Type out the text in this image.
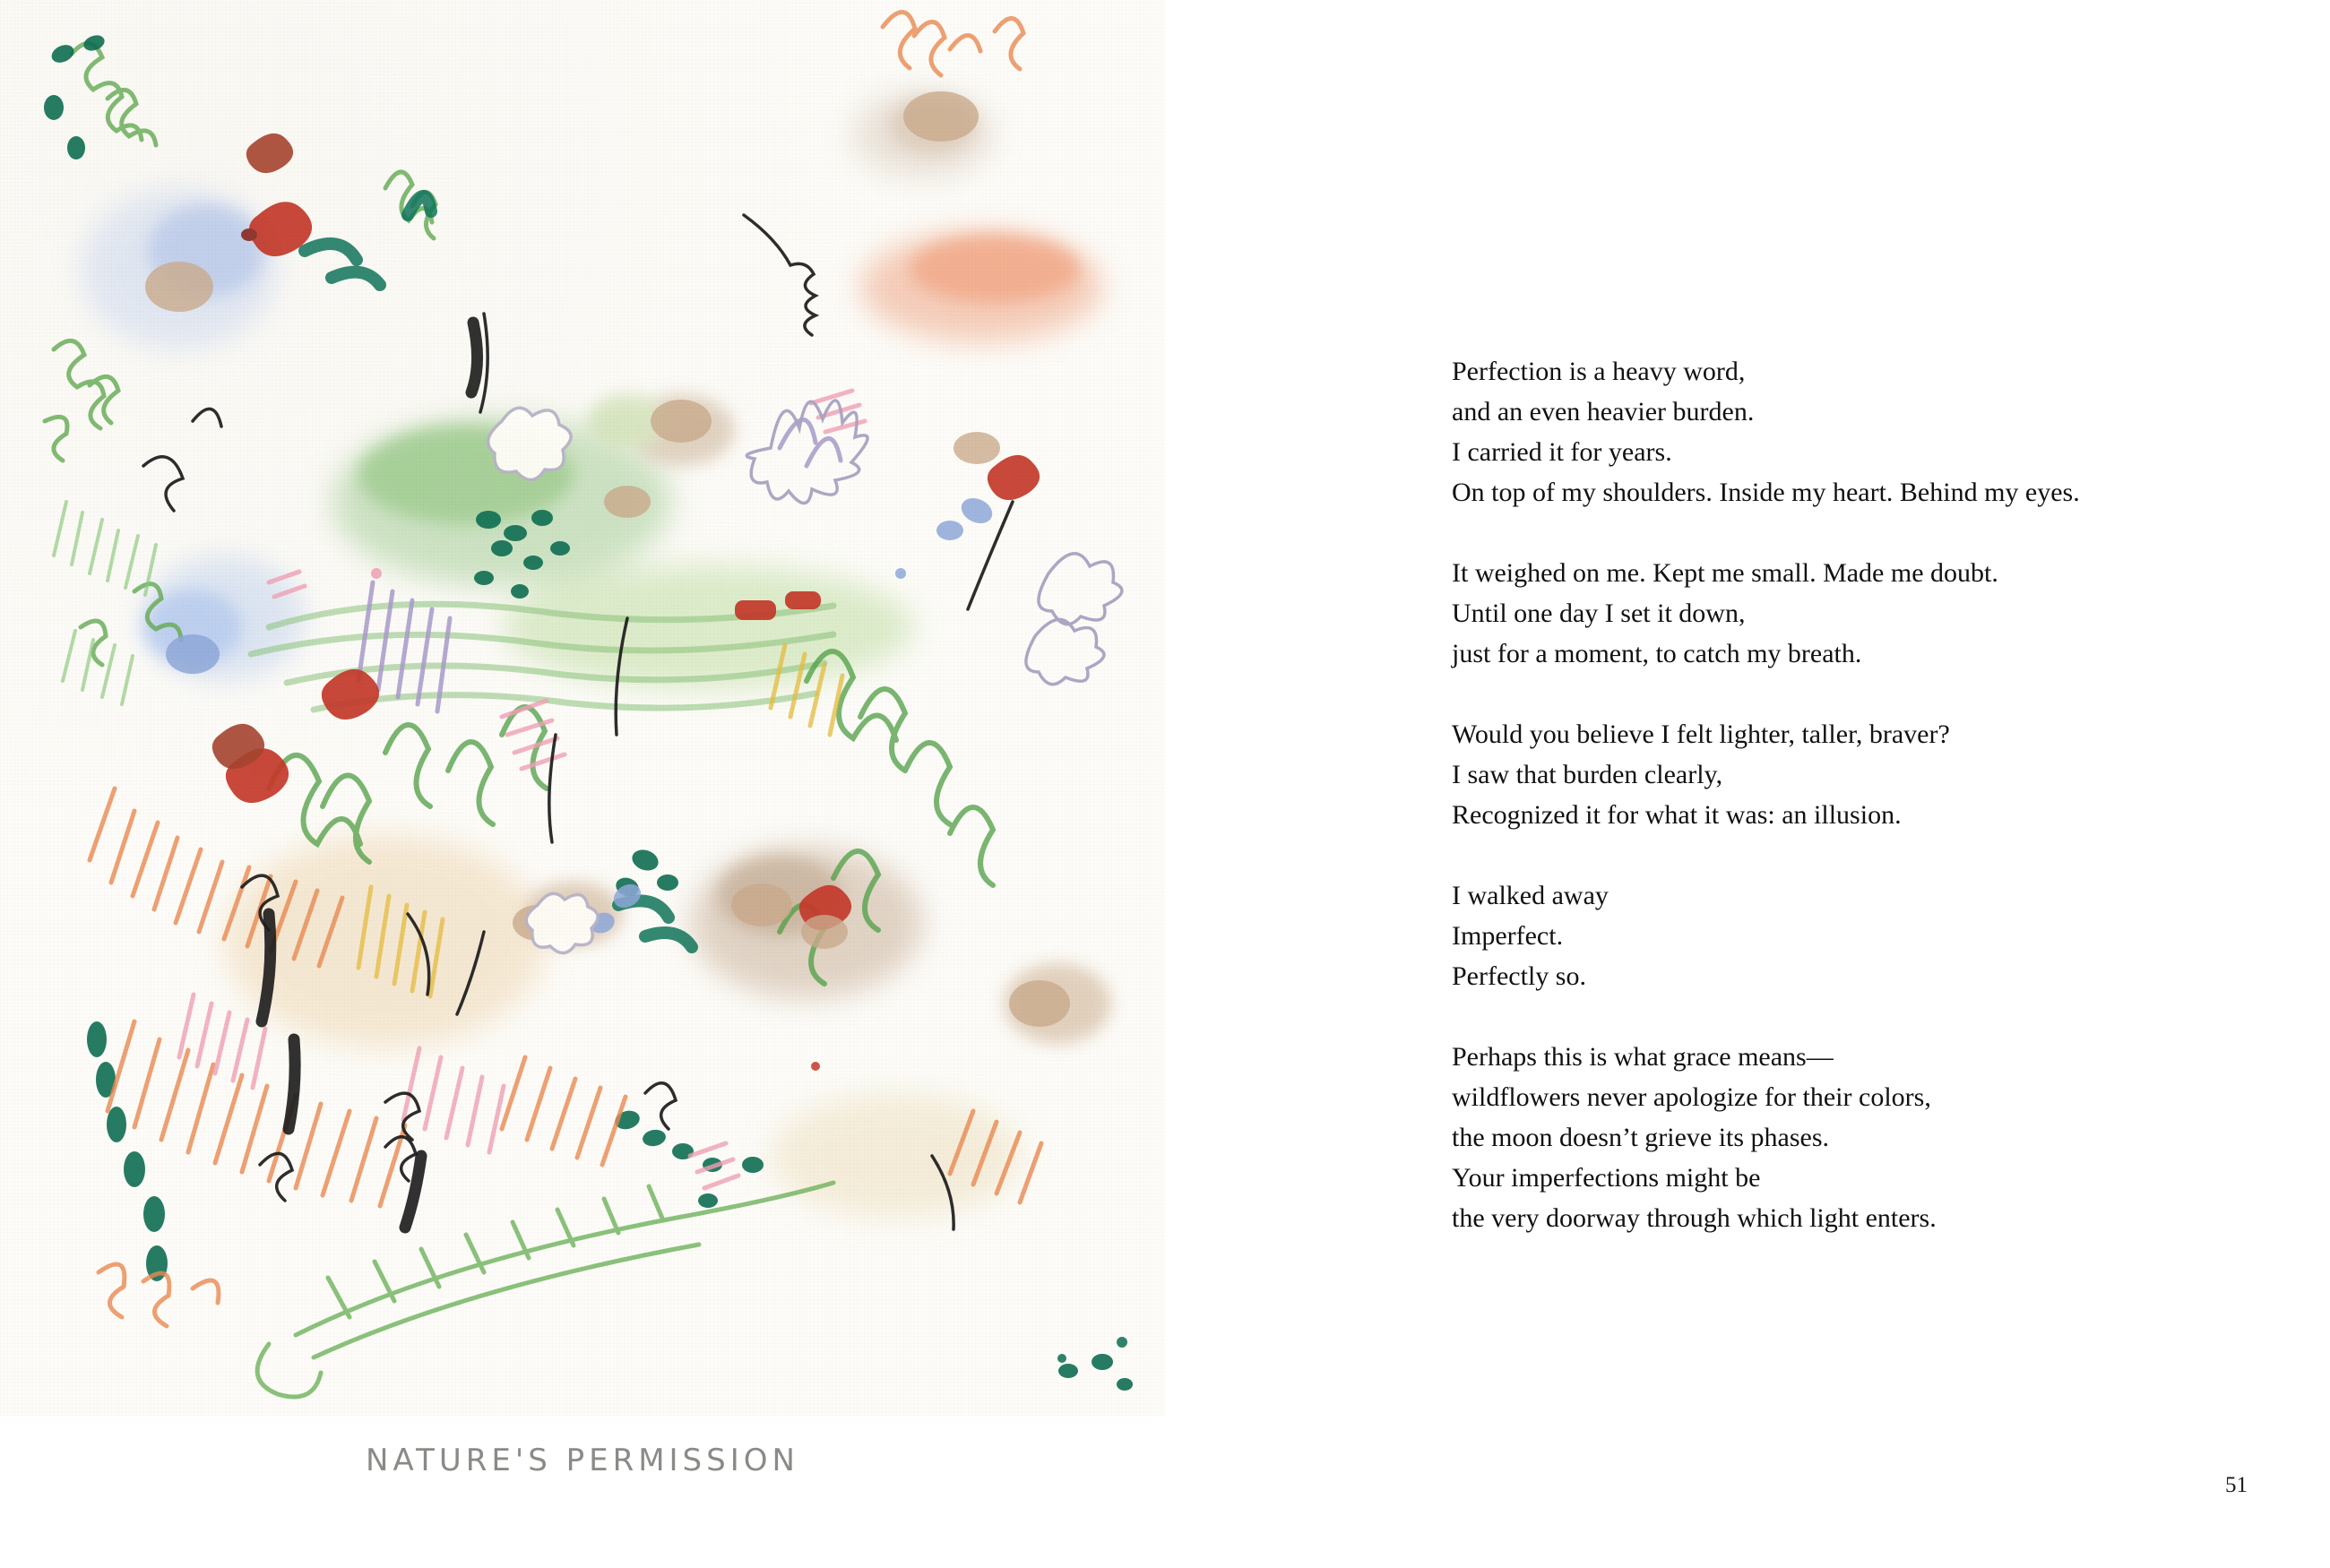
NATURE'S PERMISSION
Perfection is a heavy word,
and an even heavier burden.
I carried it for years.
On top of my shoulders. Inside my heart. Behind my eyes.
It weighed on me. Kept me small. Made me doubt.
Until one day I set it down,
just for a moment, to catch my breath.
Would you believe I felt lighter, taller, braver?
I saw that burden clearly,
Recognized it for what it was: an illusion.
I walked away
Imperfect.
Perfectly so.
Perhaps this is what grace means—
wildflowers never apologize for their colors,
the moon doesn’t grieve its phases.
Your imperfections might be
the very doorway through which light enters.
51
